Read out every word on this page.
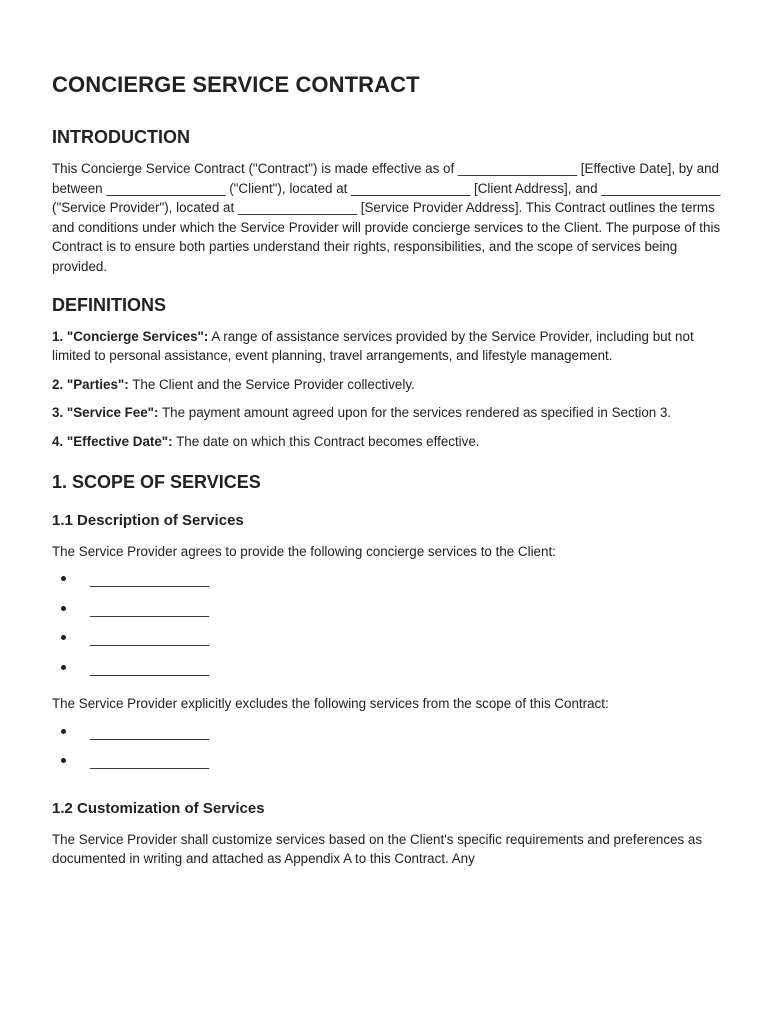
CONCIERGE SERVICE CONTRACT
INTRODUCTION

This Concierge Service Contract ("Contract") is made effective as of ________________ [Effective Date], by and between ________________ ("Client"), located at ________________ [Client Address], and ________________ ("Service Provider"), located at ________________ [Service Provider Address]. This Contract outlines the terms and conditions under which the Service Provider will provide concierge services to the Client. The purpose of this Contract is to ensure both parties understand their rights, responsibilities, and the scope of services being provided.

DEFINITIONS

1. "Concierge Services": A range of assistance services provided by the Service Provider, including but not limited to personal assistance, event planning, travel arrangements, and lifestyle management.

2. "Parties": The Client and the Service Provider collectively.

3. "Service Fee": The payment amount agreed upon for the services rendered as specified in Section 3.

4. "Effective Date": The date on which this Contract becomes effective.

1. SCOPE OF SERVICES
1.1 Description of Services

The Service Provider agrees to provide the following concierge services to the Client:

________________
________________
________________
________________

The Service Provider explicitly excludes the following services from the scope of this Contract:

________________
________________
1.2 Customization of Services

The Service Provider shall customize services based on the Client's specific requirements and preferences as documented in writing and attached as Appendix A to this Contract. Any
